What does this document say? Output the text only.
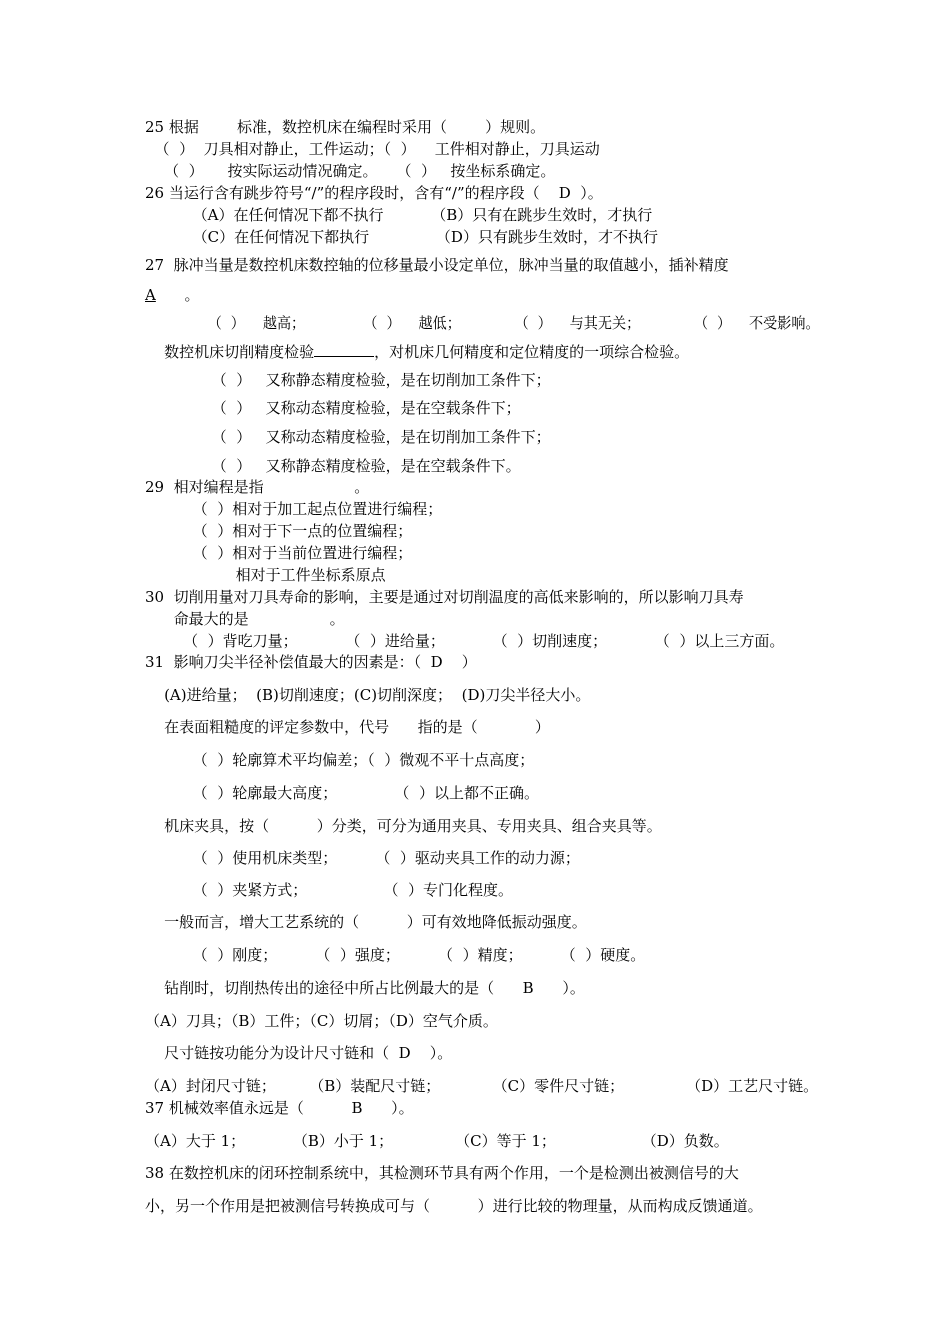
25 根据        标准，数控机床在编程时采用（        ）规则。
（  ）  刀具相对静止，工件运动；（  ）    工件相对静止，刀具运动
（  ）     按实际运动情况确定。    （  ）   按坐标系确定。
26 当运行含有跳步符号“/”的程序段时，含有“/”的程序段（    D  ）。
（A）在任何情况下都不执行          （B）只有在跳步生效时，才执行
（C）在任何情况下都执行              （D）只有跳步生效时，才不执行
27  脉冲当量是数控机床数控轴的位移量最小设定单位，脉冲当量的取值越小，插补精度
A 。
（  ）    越高；             （  ）    越低；            （  ）    与其无关；            （  ）    不受影响。
数控机床切削精度检验	，对机床几何精度和定位精度的一项综合检验。
（  ）   又称静态精度检验，是在切削加工条件下；
（  ）   又称动态精度检验，是在空载条件下；
（  ）   又称动态精度检验，是在切削加工条件下；
（  ）   又称静态精度检验，是在空载条件下。
29  相对编程是指                   。
（  ）相对于加工起点位置进行编程；
（  ）相对于下一点的位置编程；
（  ）相对于当前位置进行编程；
相对于工件坐标系原点
30  切削用量对刀具寿命的影响，主要是通过对切削温度的高低来影响的，所以影响刀具寿
命最大的是                 。
（  ）背吃刀量；          （  ）进给量；          （  ）切削速度；          （  ）以上三方面。
31  影响刀尖半径补偿值最大的因素是：（  D    ）
(A)进给量；  (B)切削速度；(C)切削深度；  (D)刀尖半径大小。
在表面粗糙度的评定参数中，代号      指的是（            ）
（  ）轮廓算术平均偏差；（  ）微观不平十点高度；
（  ）轮廓最大高度；            （  ）以上都不正确。
机床夹具，按（          ）分类，可分为通用夹具、专用夹具、组合夹具等。
（  ）使用机床类型；        （  ）驱动夹具工作的动力源；
（  ）夹紧方式；                （  ）专门化程度。
一般而言，增大工艺系统的（          ）可有效地降低振动强度。
（  ）刚度；        （  ）强度；        （  ）精度；        （  ）硬度。
钻削时，切削热传出的途径中所占比例最大的是（      B      ）。
（A）刀具；（B）工件；（C）切屑；（D）空气介质。
尺寸链按功能分为设计尺寸链和（  D    ）。
（A）封闭尺寸链；       （B）装配尺寸链；           （C）零件尺寸链；             （D）工艺尺寸链。
37 机械效率值永远是（          B      ）。
（A）大于 1；          （B）小于 1；             （C）等于 1；                  （D）负数。
38 在数控机床的闭环控制系统中，其检测环节具有两个作用，一个是检测出被测信号的大
小，另一个作用是把被测信号转换成可与（          ）进行比较的物理量，从而构成反馈通道。
